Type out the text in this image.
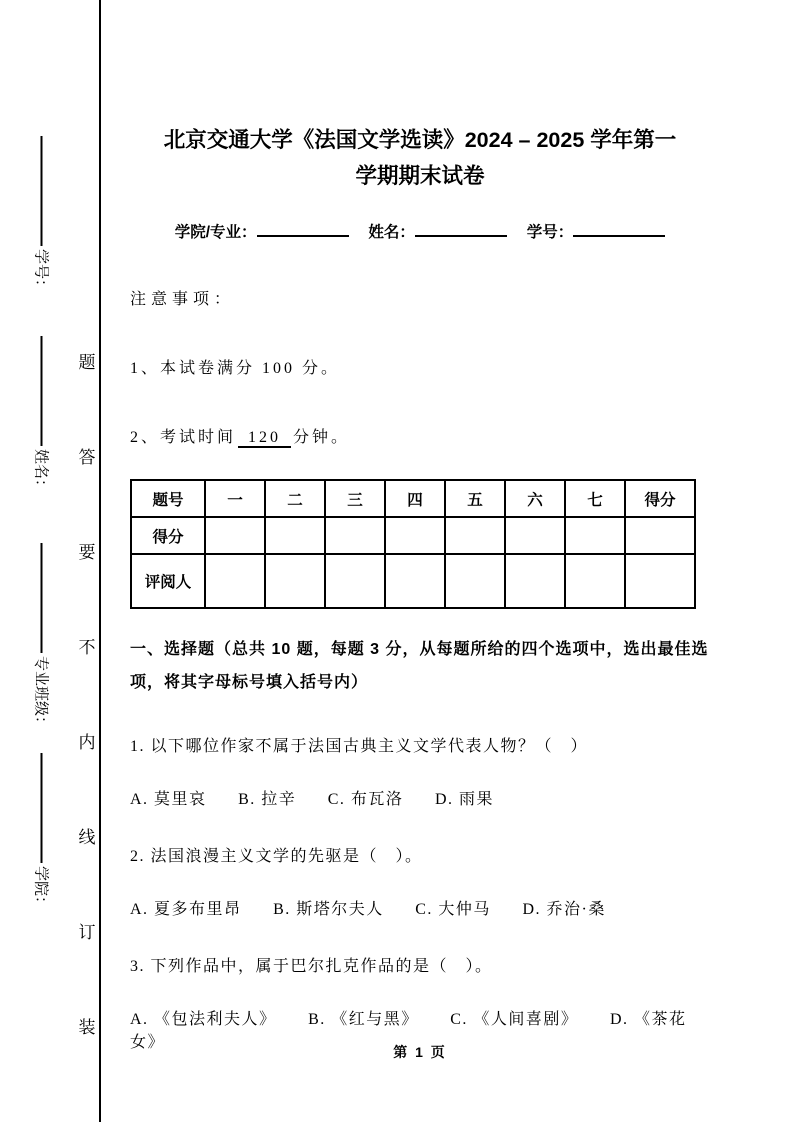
学号：
姓名：
专业班级：
学院：
题
答
要
不
内
线
订
装
北京交通大学《法国文学选读》2024 – 2025 学年第一
学期期末试卷
学院/专业：	姓名：	学号：
注意事项：
1、本试卷满分 100 分。
2、考试时间 120 分钟。
题号	一	二	三	四	五	六	七	得分
得分								
评阅人								
一、选择题（总共 10 题，每题 3 分，从每题所给的四个选项中，选出最佳选项，将其字母标号填入括号内）
1. 以下哪位作家不属于法国古典主义文学代表人物？（　）
A. 莫里哀 B. 拉辛 C. 布瓦洛 D. 雨果
2. 法国浪漫主义文学的先驱是（　）。
A. 夏多布里昂 B. 斯塔尔夫人 C. 大仲马 D. 乔治·桑
3. 下列作品中，属于巴尔扎克作品的是（　）。
A. 《包法利夫人》 B. 《红与黑》 C. 《人间喜剧》 D. 《茶花女》
第 1 页
